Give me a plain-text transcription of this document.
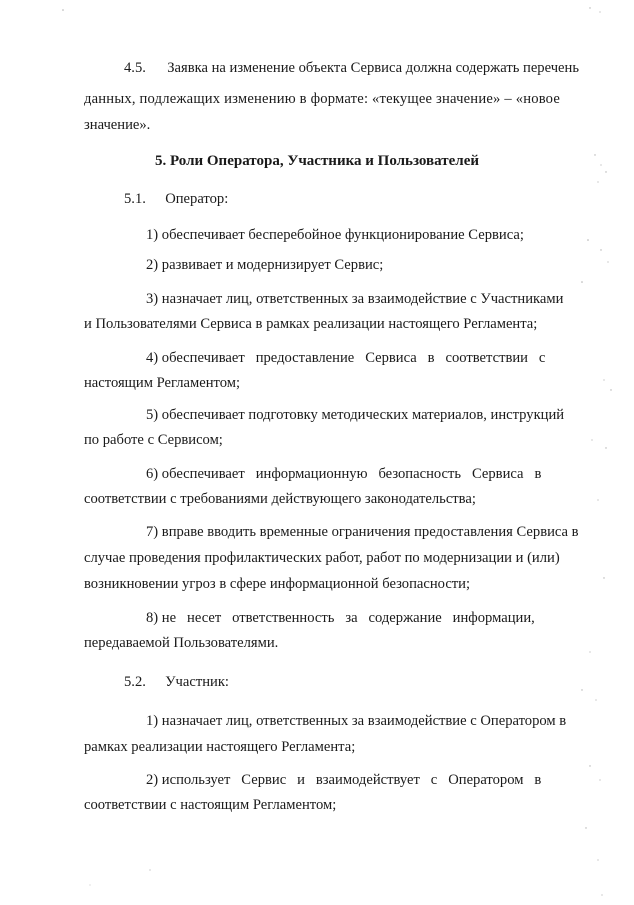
4.5. Заявка на изменение объекта Сервиса должна содержать перечень
данных, подлежащих изменению в формате: «текущее значение» – «новое
значение».
5. Роли Оператора, Участника и Пользователей
5.1. Оператор:
1) обеспечивает бесперебойное функционирование Сервиса;
2) развивает и модернизирует Сервис;
3) назначает лиц, ответственных за взаимодействие с Участниками
и Пользователями Сервиса в рамках реализации настоящего Регламента;
4) обеспечивает   предоставление   Сервиса   в   соответствии   с
настоящим Регламентом;
5) обеспечивает подготовку методических материалов, инструкций
по работе с Сервисом;
6) обеспечивает   информационную   безопасность   Сервиса   в
соответствии с требованиями действующего законодательства;
7) вправе вводить временные ограничения предоставления Сервиса в
случае проведения профилактических работ, работ по модернизации и (или)
возникновении угроз в сфере информационной безопасности;
8) не   несет   ответственность   за   содержание   информации,
передаваемой Пользователями.
5.2. Участник:
1) назначает лиц, ответственных за взаимодействие с Оператором в
рамках реализации настоящего Регламента;
2) использует   Сервис   и   взаимодействует   с   Оператором   в
соответствии с настоящим Регламентом;
